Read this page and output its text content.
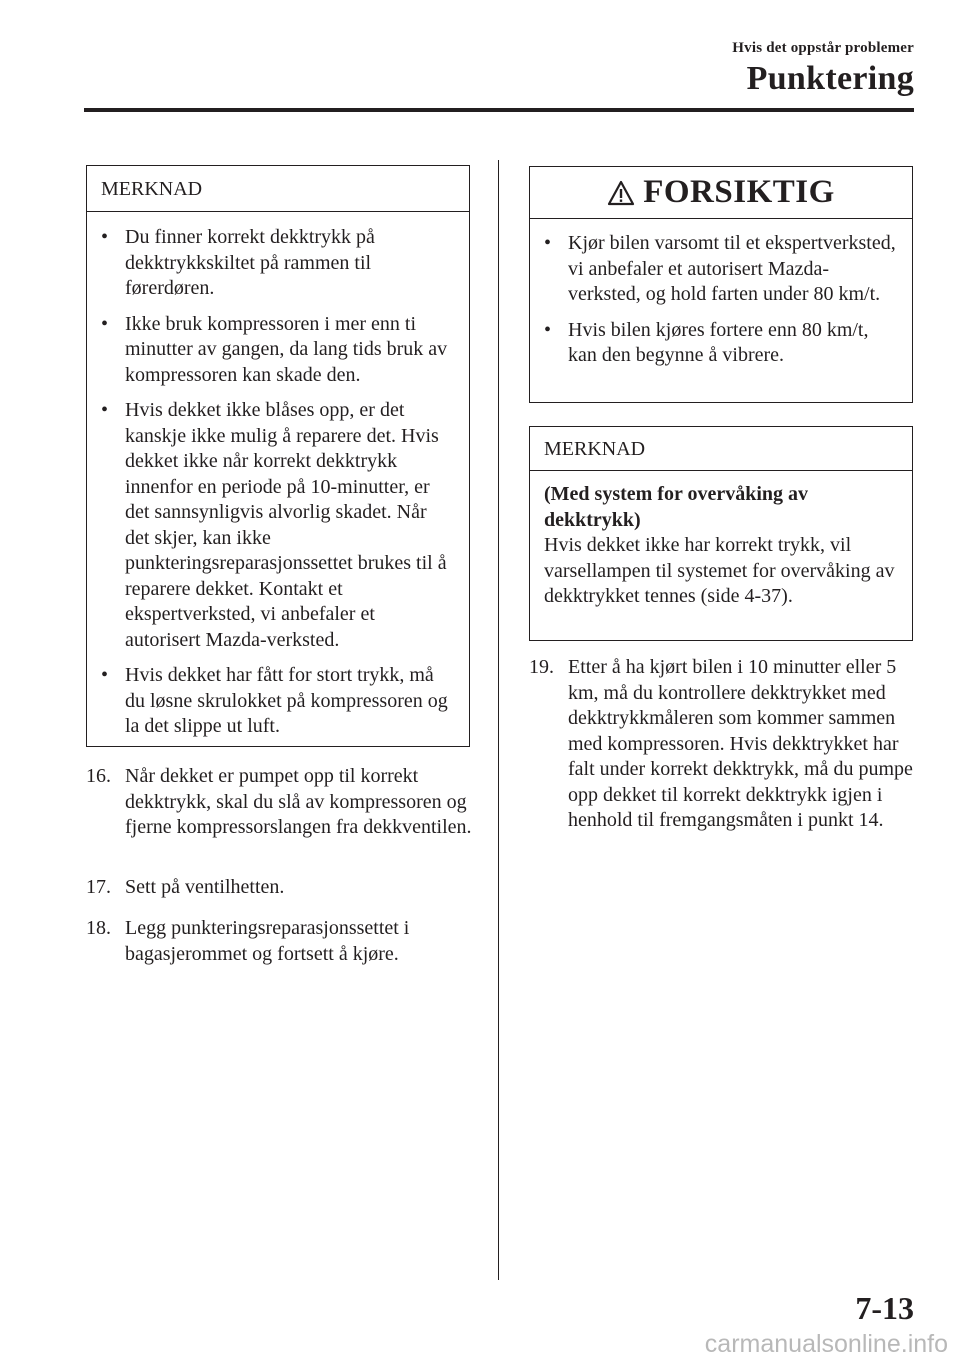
Hvis det oppstår problemer
Punktering
MERKNAD
• Du finner korrekt dekktrykk på dekktrykkskiltet på rammen til førerdøren.
• Ikke bruk kompressoren i mer enn ti minutter av gangen, da lang tids bruk av kompressoren kan skade den.
• Hvis dekket ikke blåses opp, er det kanskje ikke mulig å reparere det. Hvis dekket ikke når korrekt dekktrykk innenfor en periode på 10-minutter, er det sannsynligvis alvorlig skadet. Når det skjer, kan ikke punkteringsreparasjonssettet brukes til å reparere dekket. Kontakt et ekspertverksted, vi anbefaler et autorisert Mazda-verksted.
• Hvis dekket har fått for stort trykk, må du løsne skrulokket på kompressoren og la det slippe ut luft.
16. Når dekket er pumpet opp til korrekt dekktrykk, skal du slå av kompressoren og fjerne kompressorslangen fra dekkventilen.
17. Sett på ventilhetten.
18. Legg punkteringsreparasjonssettet i bagasjerommet og fortsett å kjøre.
FORSIKTIG
• Kjør bilen varsomt til et ekspertverksted, vi anbefaler et autorisert Mazda-verksted, og hold farten under 80 km/t.
• Hvis bilen kjøres fortere enn 80 km/t, kan den begynne å vibrere.
MERKNAD
(Med system for overvåking av dekktrykk)
Hvis dekket ikke har korrekt trykk, vil varsellampen til systemet for overvåking av dekktrykket tennes (side 4-37).
19. Etter å ha kjørt bilen i 10 minutter eller 5 km, må du kontrollere dekktrykket med dekktrykkmåleren som kommer sammen med kompressoren. Hvis dekktrykket har falt under korrekt dekktrykk, må du pumpe opp dekket til korrekt dekktrykk igjen i henhold til fremgangsmåten i punkt 14.
7-13
carmanualsonline.info
